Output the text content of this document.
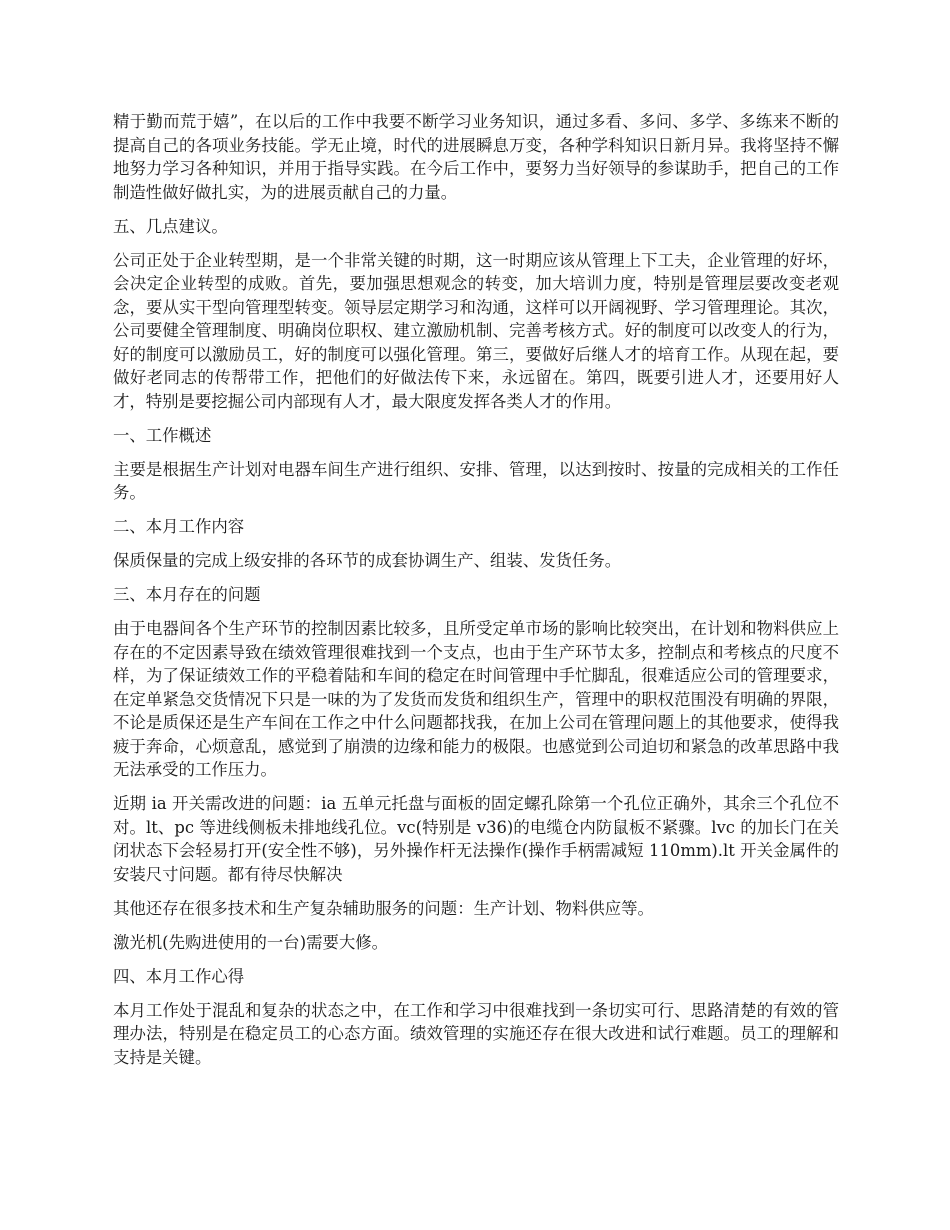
精于勤而荒于嬉”，在以后的工作中我要不断学习业务知识，通过多看、多问、多学、多练来不断的提高自己的各项业务技能。学无止境，时代的进展瞬息万变，各种学科知识日新月异。我将坚持不懈地努力学习各种知识，并用于指导实践。在今后工作中，要努力当好领导的参谋助手，把自己的工作制造性做好做扎实，为的进展贡献自己的力量。

五、几点建议。

公司正处于企业转型期，是一个非常关键的时期，这一时期应该从管理上下工夫，企业管理的好坏，会决定企业转型的成败。首先，要加强思想观念的转变，加大培训力度，特别是管理层要改变老观念，要从实干型向管理型转变。领导层定期学习和沟通，这样可以开阔视野、学习管理理论。其次，公司要健全管理制度、明确岗位职权、建立激励机制、完善考核方式。好的制度可以改变人的行为，好的制度可以激励员工，好的制度可以强化管理。第三，要做好后继人才的培育工作。从现在起，要做好老同志的传帮带工作，把他们的好做法传下来，永远留在。第四，既要引进人才，还要用好人才，特别是要挖掘公司内部现有人才，最大限度发挥各类人才的作用。

一、工作概述

主要是根据生产计划对电器车间生产进行组织、安排、管理，以达到按时、按量的完成相关的工作任务。

二、本月工作内容

保质保量的完成上级安排的各环节的成套协调生产、组装、发货任务。

三、本月存在的问题

由于电器间各个生产环节的控制因素比较多，且所受定单市场的影响比较突出，在计划和物料供应上存在的不定因素导致在绩效管理很难找到一个支点，也由于生产环节太多，控制点和考核点的尺度不样，为了保证绩效工作的平稳着陆和车间的稳定在时间管理中手忙脚乱，很难适应公司的管理要求，在定单紧急交货情况下只是一味的为了发货而发货和组织生产，管理中的职权范围没有明确的界限，不论是质保还是生产车间在工作之中什么问题都找我，在加上公司在管理问题上的其他要求，使得我疲于奔命，心烦意乱，感觉到了崩溃的边缘和能力的极限。也感觉到公司迫切和紧急的改革思路中我无法承受的工作压力。

近期 ia 开关需改进的问题：ia 五单元托盘与面板的固定螺孔除第一个孔位正确外，其余三个孔位不对。lt、pc 等进线侧板未排地线孔位。vc(特别是 v36)的电缆仓内防鼠板不紧骤。lvc 的加长门在关闭状态下会轻易打开(安全性不够)，另外操作杆无法操作(操作手柄需减短 110mm).lt 开关金属件的安装尺寸问题。都有待尽快解决

其他还存在很多技术和生产复杂辅助服务的问题：生产计划、物料供应等。

激光机(先购进使用的一台)需要大修。

四、本月工作心得

本月工作处于混乱和复杂的状态之中，在工作和学习中很难找到一条切实可行、思路清楚的有效的管理办法，特别是在稳定员工的心态方面。绩效管理的实施还存在很大改进和试行难题。员工的理解和支持是关键。
